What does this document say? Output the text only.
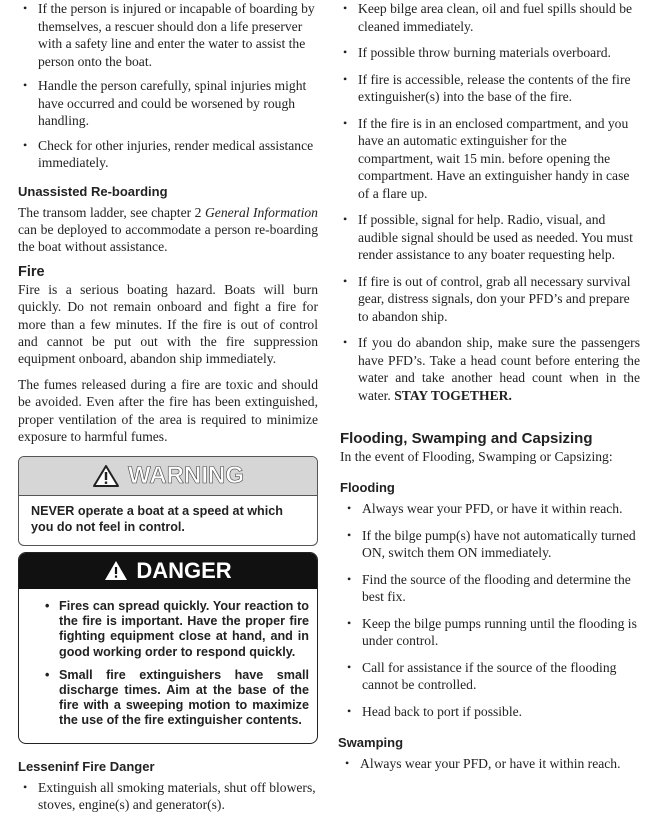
• If the person is injured or incapable of boarding by themselves, a rescuer should don a life preserver with a safety line and enter the water to assist the person onto the boat.
• Handle the person carefully, spinal injuries might have occurred and could be worsened by rough handling.
• Check for other injuries, render medical assistance immediately.
Unassisted Re-boarding

The transom ladder, see chapter 2 General Information can be deployed to accommodate a person re-boarding the boat without assistance.

Fire

Fire is a serious boating hazard. Boats will burn quickly. Do not remain onboard and fight a fire for more than a few minutes. If the fire is out of control and cannot be put out with the fire suppression equipment onboard, abandon ship immediately.

The fumes released during a fire are toxic and should be avoided. Even after the fire has been extinguished, proper ventilation of the area is required to minimize exposure to harmful fumes.

WARNING
NEVER operate a boat at a speed at which you do not feel in control.
DANGER
• Fires can spread quickly. Your reaction to the fire is important. Have the proper fire fighting equipment close at hand, and in good working order to respond quickly.
• Small fire extinguishers have small discharge times. Aim at the base of the fire with a sweeping motion to maximize the use of the fire extinguisher contents.
Lesseninf Fire Danger
• Extinguish all smoking materials, shut off blowers, stoves, engine(s) and generator(s).
• Keep bilge area clean, oil and fuel spills should be cleaned immediately.
• If possible throw burning materials overboard.
• If fire is accessible, release the contents of the fire extinguisher(s) into the base of the fire.
• If the fire is in an enclosed compartment, and you have an automatic extinguisher for the compartment, wait 15 min. before opening the compartment. Have an extinguisher handy in case of a flare up.
• If possible, signal for help. Radio, visual, and audible signal should be used as needed. You must render assistance to any boater requesting help.
• If fire is out of control, grab all necessary survival gear, distress signals, don your PFD’s and prepare to abandon ship.
• If you do abandon ship, make sure the passengers have PFD’s. Take a head count before entering the water and take another head count when in the water. STAY TOGETHER.
Flooding, Swamping and Capsizing

In the event of Flooding, Swamping or Capsizing:

Flooding
• Always wear your PFD, or have it within reach.
• If the bilge pump(s) have not automatically turned ON, switch them ON immediately.
• Find the source of the flooding and determine the best fix.
• Keep the bilge pumps running until the flooding is under control.
• Call for assistance if the source of the flooding cannot be controlled.
• Head back to port if possible.
Swamping
• Always wear your PFD, or have it within reach.
